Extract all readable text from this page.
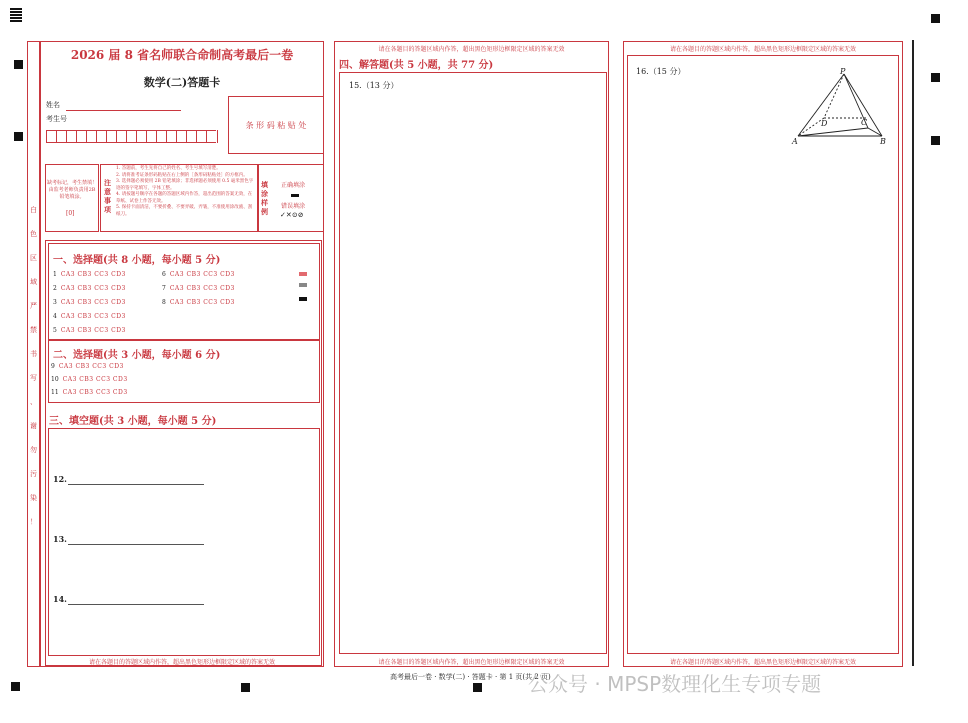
白
色
区
域
严
禁
书
写
、
谢
勿
污
染
！
2026 届 8 省名师联合命制高考最后一卷
数学(二)答题卡
姓名
考生号
条 形 码 粘 贴 处
缺考标记，考生禁填！由监考老师负责用2B铅笔填涂。
[0]
注意事项
1. 答题前，考生先将自己的姓名、考生号填写清楚。
2. 请将准考证条形码粘贴在右上侧的［条形码粘贴处］的方框内。
3. 选择题必须使用 2B 铅笔填涂；非选择题必须使用 0.5 毫米黑色字迹的签字笔填写，字体工整。
4. 请按题号顺序在各题的答题区域内作答，超出范围的答案无效，在草纸、试卷上作答无效。
5. 保持卡面清洁，不要折叠、不要弄破、弄皱，不准使用涂改液、刮纸刀。
填涂样例
正确填涂
错误填涂
✓✕⊙⊘
一、选择题(共 8 小题，每小题 5 分)
1 CA3 CB3 CC3 CD3
2 CA3 CB3 CC3 CD3
3 CA3 CB3 CC3 CD3
4 CA3 CB3 CC3 CD3
5 CA3 CB3 CC3 CD3
6 CA3 CB3 CC3 CD3
7 CA3 CB3 CC3 CD3
8 CA3 CB3 CC3 CD3
二、选择题(共 3 小题，每小题 6 分)
9 CA3 CB3 CC3 CD3
10 CA3 CB3 CC3 CD3
11 CA3 CB3 CC3 CD3
三、填空题(共 3 小题，每小题 5 分)
12.
13.
14.
请在各题目的答题区域内作答，超出黑色矩形边框限定区域的答案无效
请在各题目的答题区域内作答，超出黑色矩形边框限定区域的答案无效
四、解答题(共 5 小题，共 77 分)
15.（13 分）
请在各题目的答题区域内作答，超出黑色矩形边框限定区域的答案无效
请在各题目的答题区域内作答，超出黑色矩形边框限定区域的答案无效
16.（15 分）	P
D	C
A	B
请在各题目的答题区域内作答，超出黑色矩形边框限定区域的答案无效
高考最后一卷 · 数学(二) · 答题卡 · 第 1 页(共 2 页)
公众号 · MPSP数理化生专项专题
